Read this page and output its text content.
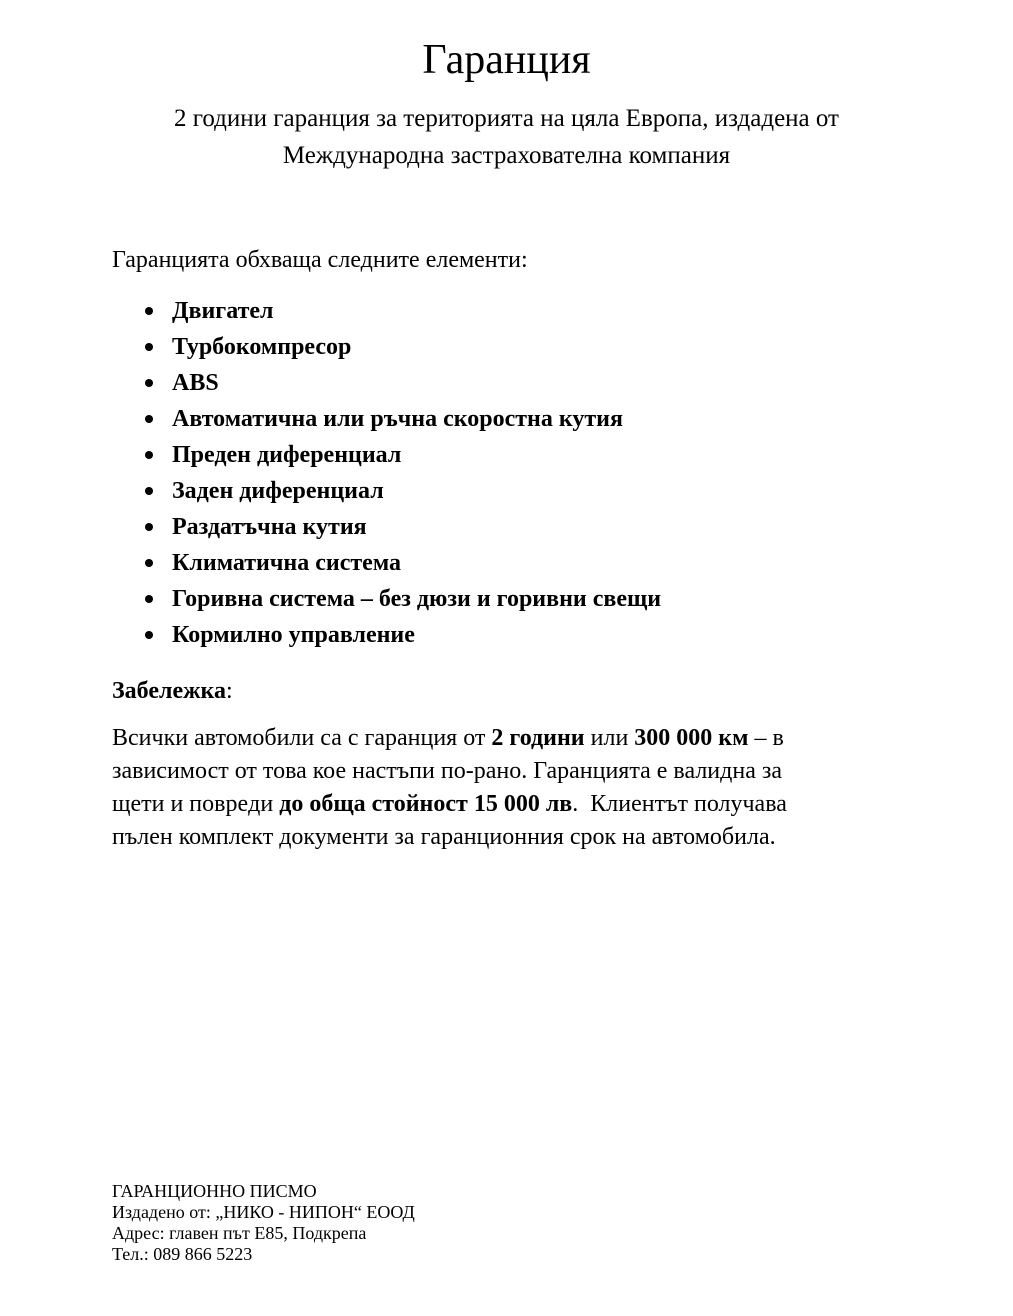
Гаранция
2 години гаранция за територията на цяла Европа, издадена от
Международна застрахователна компания

Гаранцията обхваща следните елементи:

Двигател
Турбокомпресор
ABS
Автоматична или ръчна скоростна кутия
Преден диференциал
Заден диференциал
Раздатъчна кутия
Климатична система
Горивна система – без дюзи и горивни свещи
Кормилно управление

Забележка:

Всички автомобили са с гаранция от 2 години или 300 000 км – в
зависимост от това кое настъпи по-рано. Гаранцията е валидна за
щети и поврeди до обща стойност 15 000 лв.  Клиентът получава
пълен комплект документи за гаранционния срок на автомобила.
ГАРАНЦИОННО ПИСМО
Издадено от: „НИКО - НИПОН“ ЕООД
Адрес: главен път Е85, Подкрепа
Тел.: 089 866 5223
